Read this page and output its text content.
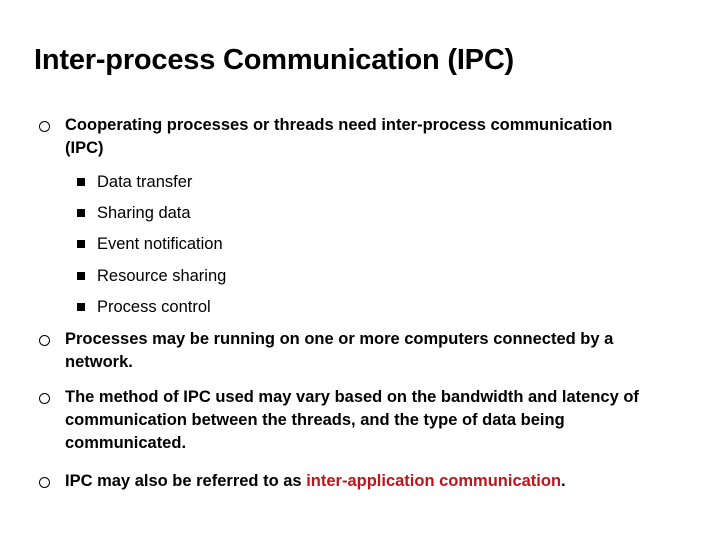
Inter-process Communication (IPC)
Cooperating processes or threads need inter-process communication (IPC)
Data transfer
Sharing data
Event notification
Resource sharing
Process control
Processes may be running on one or more computers connected by a network.
The method of IPC used may vary based on the bandwidth and latency of communication between the threads, and the type of data being communicated.
IPC may also be referred to as inter-application communication.
